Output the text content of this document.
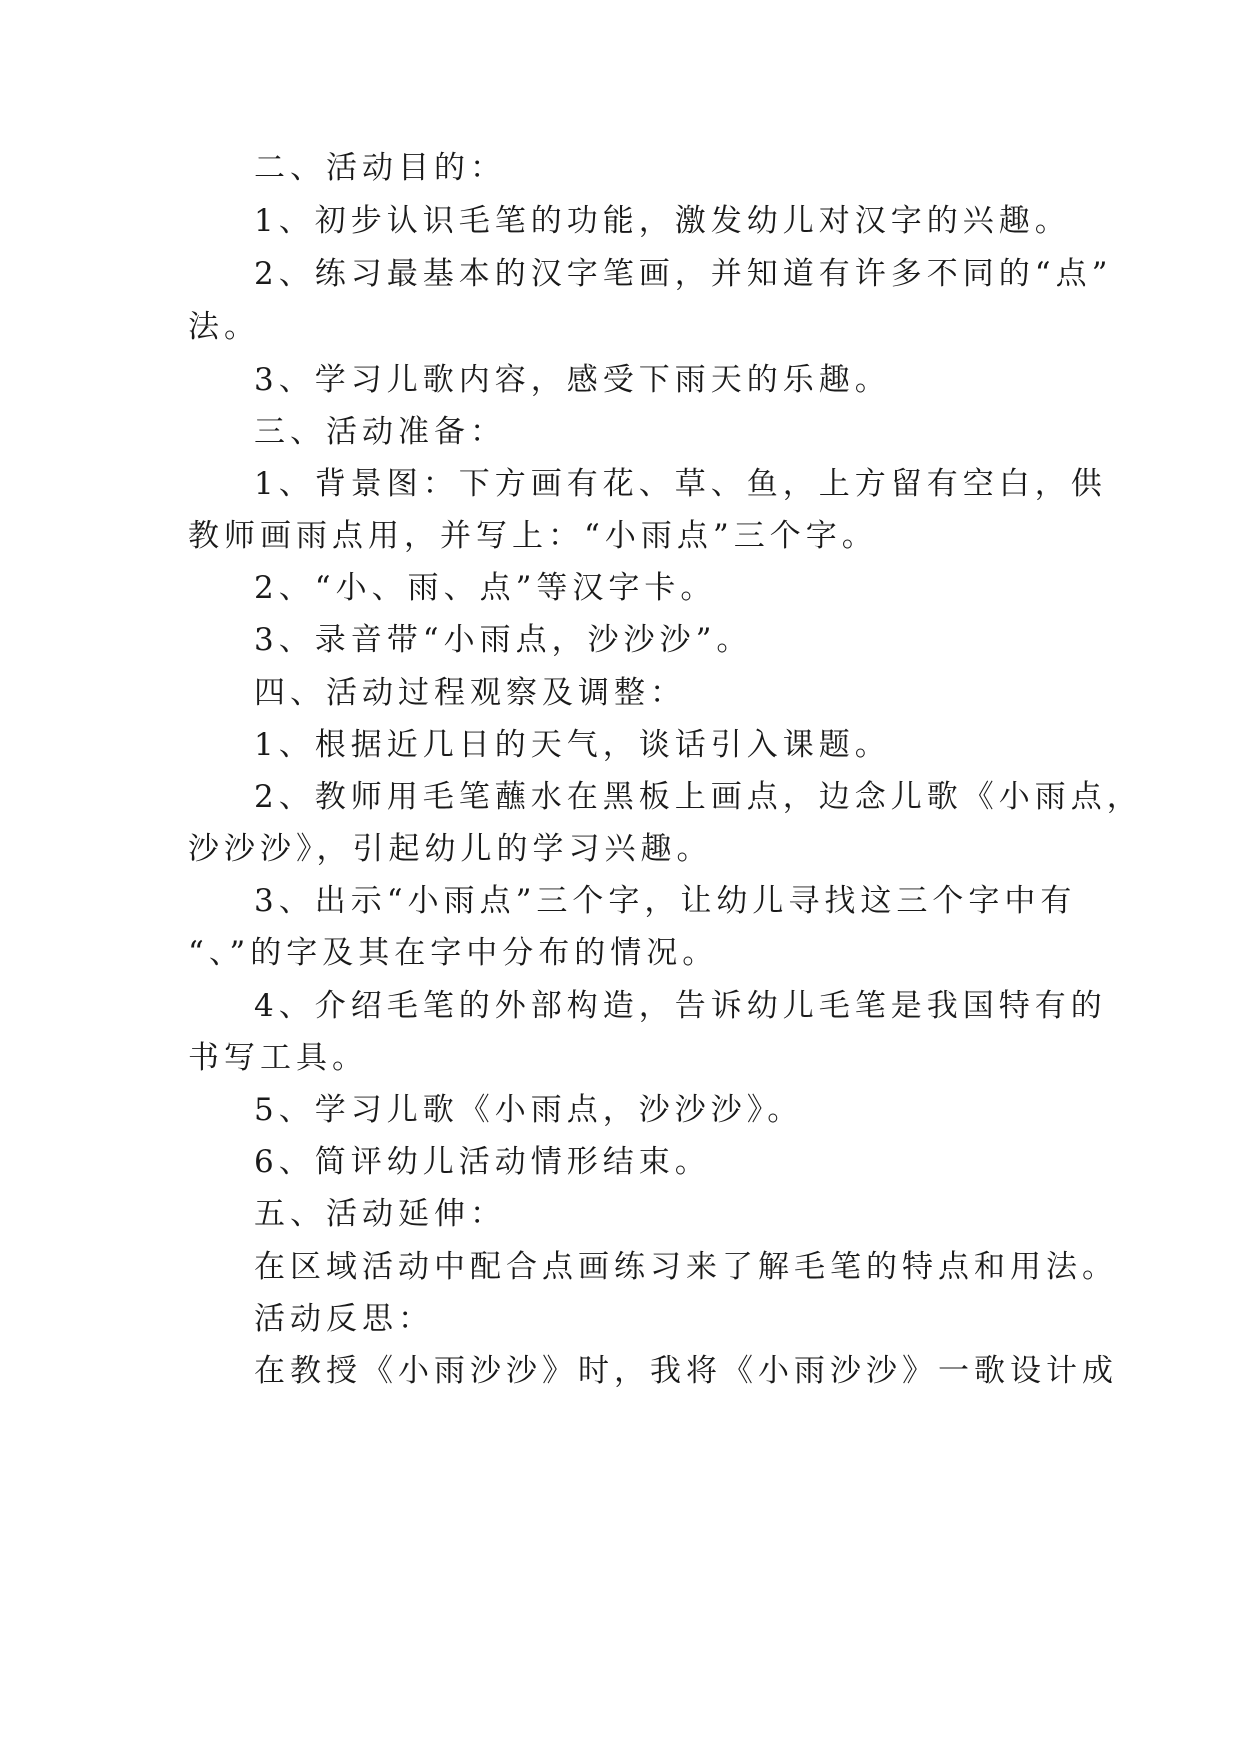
二、活动目的：
1、初步认识毛笔的功能，激发幼儿对汉字的兴趣。
2、练习最基本的汉字笔画，并知道有许多不同的“点”
法。
3、学习儿歌内容，感受下雨天的乐趣。
三、活动准备：
1、背景图：下方画有花、草、鱼，上方留有空白，供
教师画雨点用，并写上：“小雨点”三个字。
2、“小、雨、点”等汉字卡。
3、录音带“小雨点，沙沙沙”。
四、活动过程观察及调整：
1、根据近几日的天气，谈话引入课题。
2、教师用毛笔蘸水在黑板上画点，边念儿歌《小雨点，
沙沙沙》，引起幼儿的学习兴趣。
3、出示“小雨点”三个字，让幼儿寻找这三个字中有
“、”的字及其在字中分布的情况。
4、介绍毛笔的外部构造，告诉幼儿毛笔是我国特有的
书写工具。
5、学习儿歌《小雨点，沙沙沙》。
6、简评幼儿活动情形结束。
五、活动延伸：
在区域活动中配合点画练习来了解毛笔的特点和用法。
活动反思：
在教授《小雨沙沙》时，我将《小雨沙沙》一歌设计成
